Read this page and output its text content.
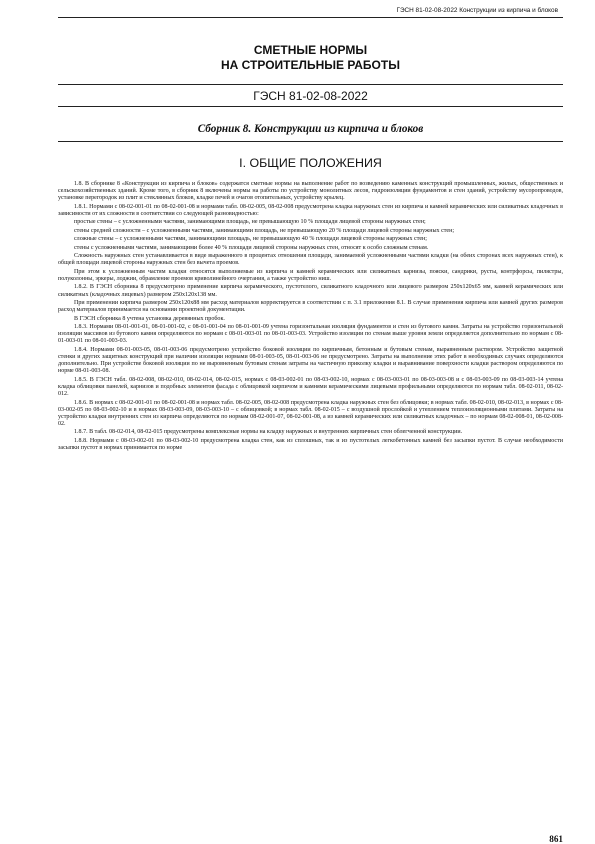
ГЭСН 81-02-08-2022 Конструкции из кирпича и блоков
СМЕТНЫЕ НОРМЫ
НА СТРОИТЕЛЬНЫЕ РАБОТЫ
ГЭСН 81-02-08-2022
Сборник 8. Конструкции из кирпича и блоков
I. ОБЩИЕ ПОЛОЖЕНИЯ

1.8. В сборнике 8 «Конструкции из кирпича и блоков» содержатся сметные нормы на выполнение работ по возведению каменных конструкций промышленных, жилых, общественных и сельскохозяйственных зданий. Кроме того, в сборник 8 включены нормы на работы по устройству монолитных лесов, гидроизоляции фундаментов и стен зданий, устройству мусоропроводов, установке перегородок из плит и стеклянных блоков, кладке печей и очагов отопительных, устройству крылец.

1.8.1. Нормами с 08-02-001-01 по 08-02-001-08 и нормами табл. 08-02-005, 08-02-008 предусмотрена кладка наружных стен из кирпича и камней керамических или силикатных кладочных в зависимости от их сложности в соответствии со следующей разновидностью:

простые стены – с усложненными частями, занимающими площадь, не превышающую 10 % площади лицевой стороны наружных стен;

стены средней сложности – с усложненными частями, занимающими площадь, не превышающую 20 % площади лицевой стороны наружных стен;

сложные стены – с усложненными частями, занимающими площадь, не превышающую 40 % площади лицевой стороны наружных стен;

стены с усложненными частями, занимающими более 40 % площади лицевой стороны наружных стен, относят к особо сложным стенам.

Сложность наружных стен устанавливается в виде выраженного в процентах отношения площади, занимаемой усложненными частями кладки (на обеих сторонах всех наружных стен), к общей площади лицевой стороны наружных стен без вычета проемов.

При этом к усложненным частям кладки относятся выполняемые из кирпича и камней керамических или силикатных карнизы, пояски, сандрики, русты, контрфорсы, пилястры, полуколонны, эркеры, лоджии, обрамление проемов криволинейного очертания, а также устройство ниш.

1.8.2. В ГЭСН сборника 8 предусмотрено применение кирпича керамического, пустотелого, силикатного кладочного или лицевого размером 250х120х65 мм, камней керамических или силикатных (кладочных лицевых) размером 250х120х138 мм.

При применении кирпича размером 250х120х88 мм расход материалов корректируется в соответствии с п. 3.1 приложения 8.1. В случае применения кирпича или камней других размеров расход материалов принимается на основании проектной документации.

В ГЭСН сборника 8 учтена установка деревянных пробок.

1.8.3. Нормами 08-01-001-01, 08-01-001-02, с 08-01-001-04 по 08-01-001-09 учтена горизонтальная изоляция фундаментов и стен из бутового камня. Затраты на устройство горизонтальной изоляции массивов из бутового камня определяются по нормам с 08-01-003-01 по 08-01-003-03. Устройство изоляции по стенам выше уровня земли определяется дополнительно по нормам с 08-01-003-01 по 08-01-003-03.

1.8.4. Нормами 08-01-003-05, 08-01-003-06 предусмотрено устройство боковой изоляции по кирпичным, бетонным и бутовым стенам, выравненным раствором. Устройство защитной стенки и других защитных конструкций при наличии изоляции нормами 08-01-003-05, 08-01-003-06 не предусмотрено. Затраты на выполнение этих работ в необходимых случаях определяются дополнительно. При устройстве боковой изоляции по не выровненным бутовым стенам затраты на частичную приколку кладки и выравнивание поверхности кладки раствором определяются по норме 08-01-003-08.

1.8.5. В ГЭСН табл. 08-02-008, 08-02-010, 08-02-014, 08-02-015, нормах с 08-03-002-01 по 08-03-002-10, нормах с 08-03-003-01 по 08-03-003-08 и с 08-03-003-09 по 08-03-003-14 учтена кладка облицовки панелей, карнизов и подобных элементов фасада с облицовкой кирпичом и камнями керамическими лицевыми профильными определяются по нормам табл. 08-02-011, 08-02-012.

1.8.6. В нормах с 08-02-001-01 по 08-02-001-08 и нормах табл. 08-02-005, 08-02-008 предусмотрена кладка наружных стен без облицовки; в нормах табл. 08-02-010, 08-02-013, в нормах с 08-03-002-05 по 08-03-002-10 и в нормах 08-03-003-09, 08-03-003-10 – с облицовкой; в нормах табл. 08-02-015 – с воздушной прослойкой и утеплением теплоизоляционными плитами. Затраты на устройство кладки внутренних стен из кирпича определяются по нормам 08-02-001-07, 08-02-001-08, а из камней керамических или силикатных кладочных – по нормам 08-02-008-01, 08-02-008-02.

1.8.7. В табл. 08-02-014, 08-02-015 предусмотрены комплексные нормы на кладку наружных и внутренних кирпичных стен облегченной конструкции.

1.8.8. Нормами с 08-03-002-01 по 08-03-002-10 предусмотрена кладка стен, как из сплошных, так и из пустотелых легкобетонных камней без засыпки пустот. В случае необходимости засыпки пустот в нормах принимается по норме

861
